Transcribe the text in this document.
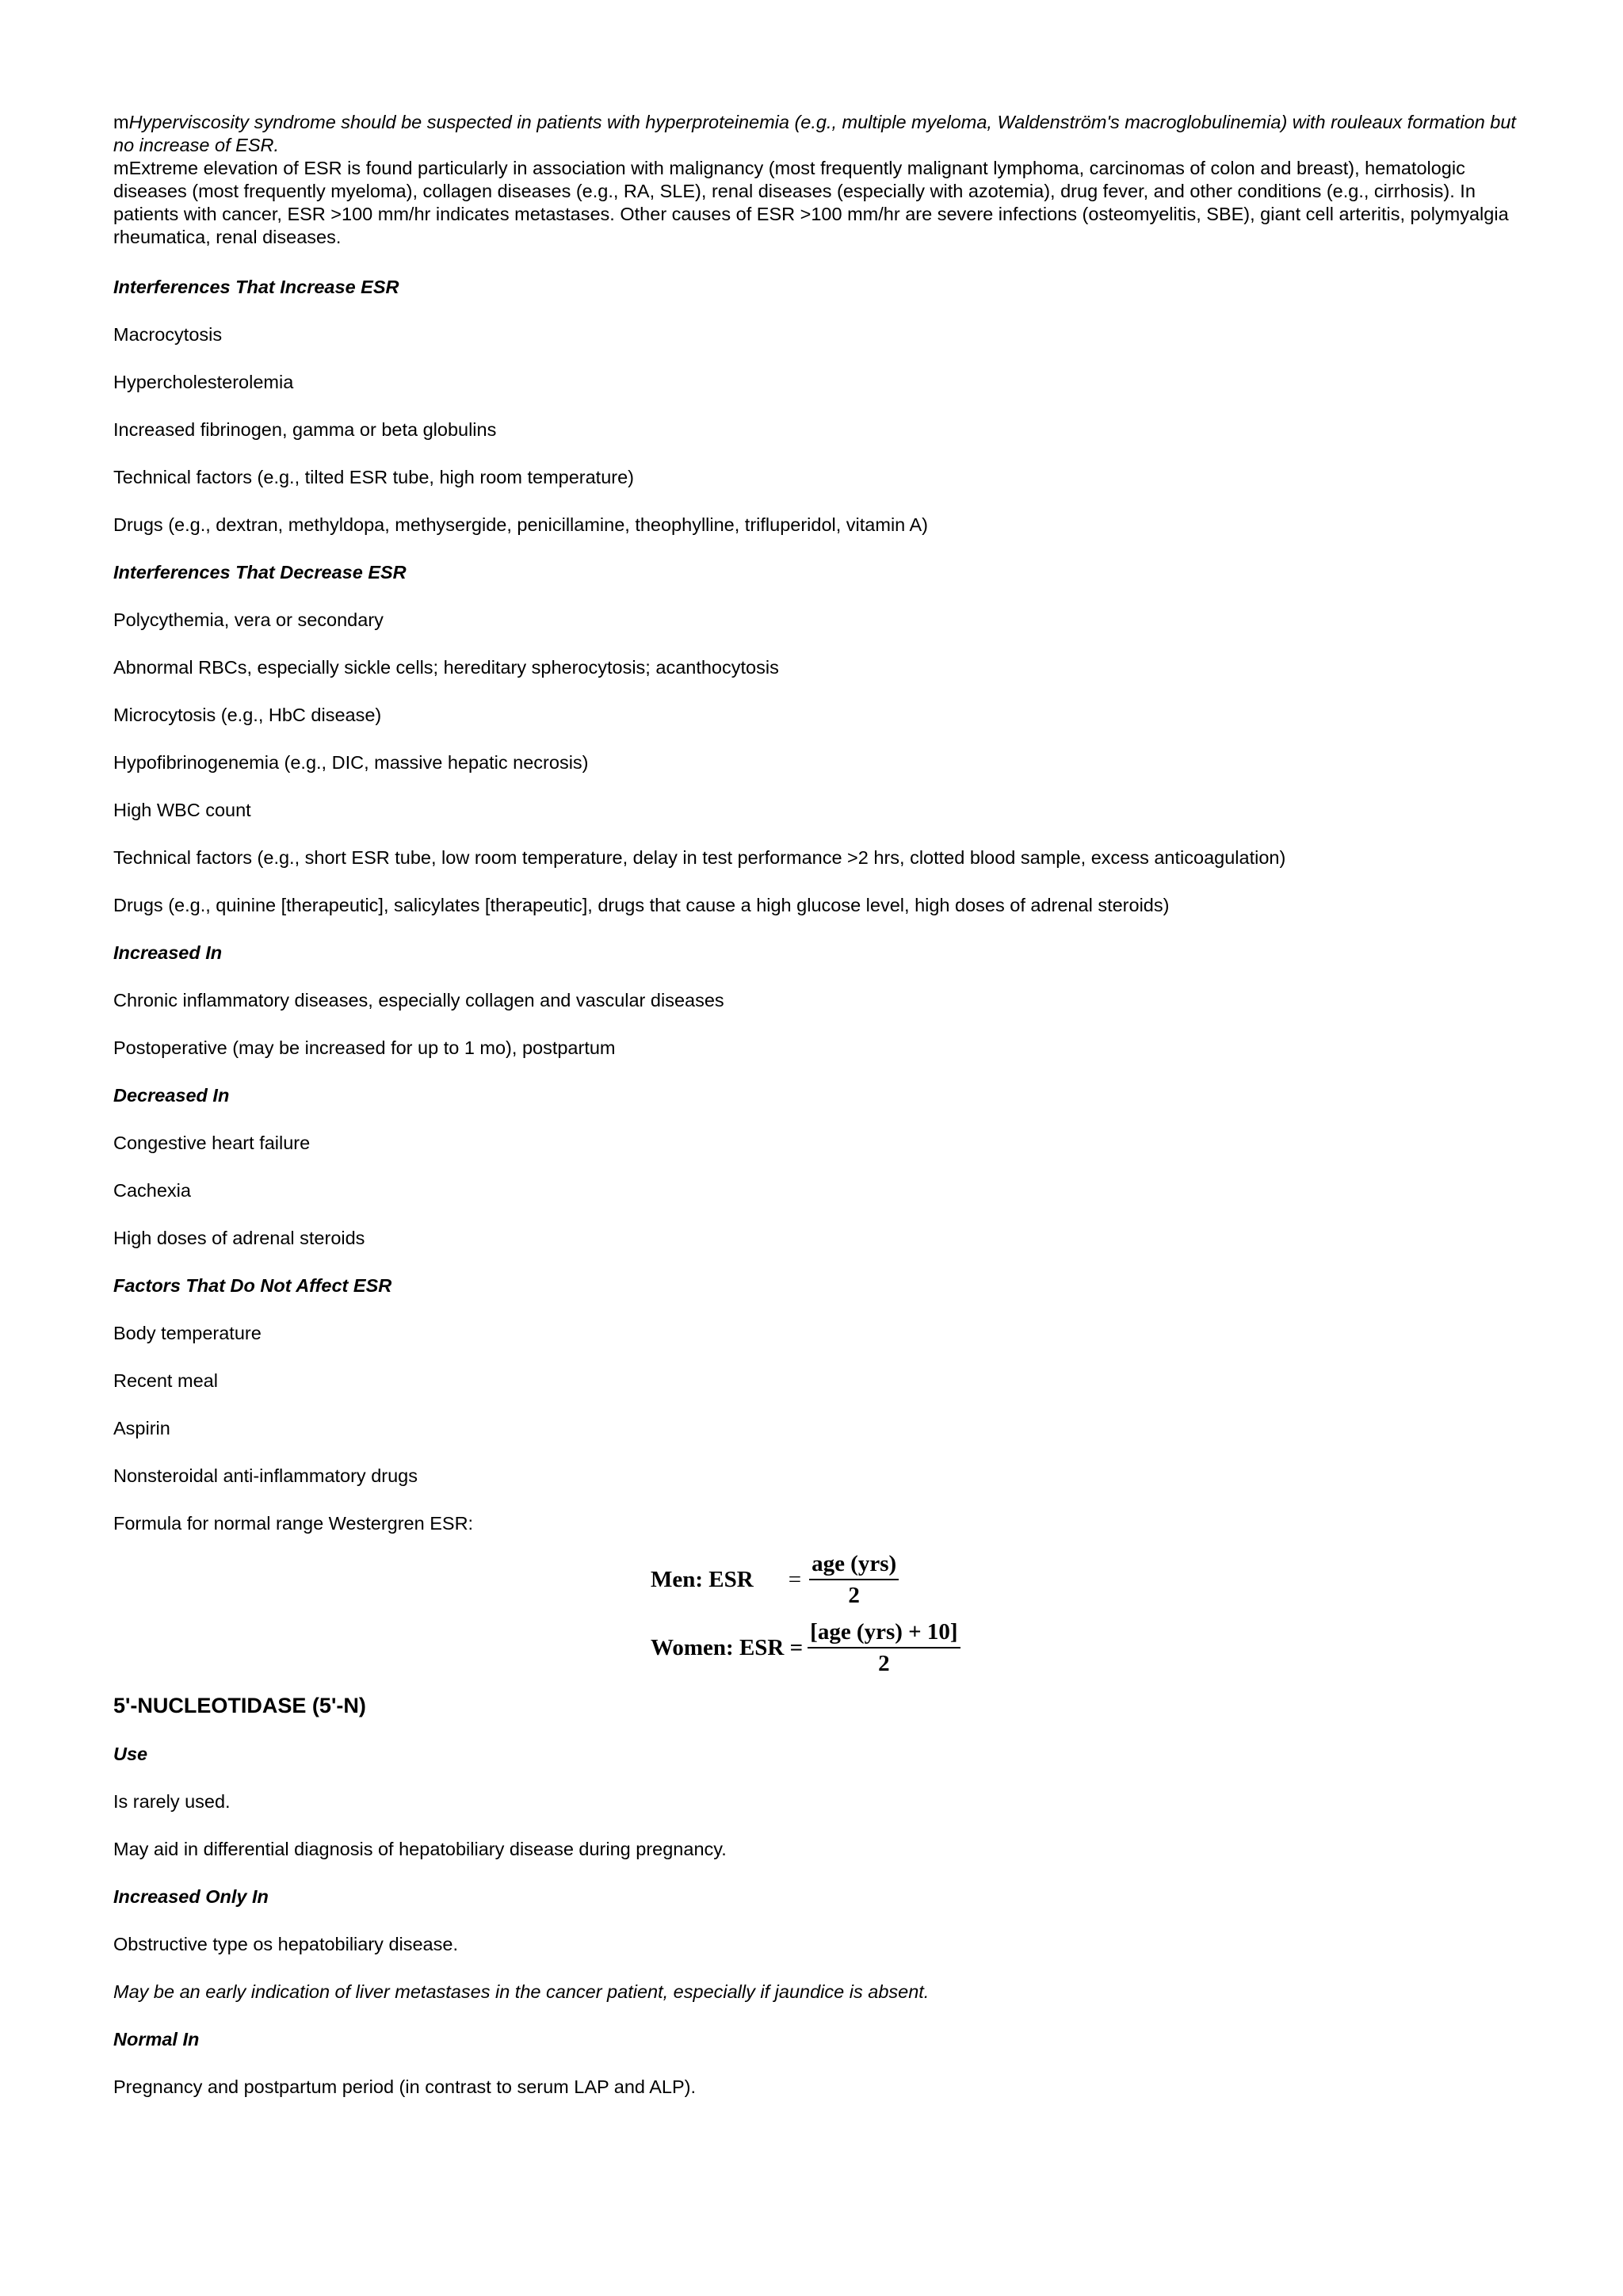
mHyperviscosity syndrome should be suspected in patients with hyperproteinemia (e.g., multiple myeloma, Waldenström's macroglobulinemia) with rouleaux formation but no increase of ESR.

mExtreme elevation of ESR is found particularly in association with malignancy (most frequently malignant lymphoma, carcinomas of colon and breast), hematologic diseases (most frequently myeloma), collagen diseases (e.g., RA, SLE), renal diseases (especially with azotemia), drug fever, and other conditions (e.g., cirrhosis). In patients with cancer, ESR >100 mm/hr indicates metastases. Other causes of ESR >100 mm/hr are severe infections (osteomyelitis, SBE), giant cell arteritis, polymyalgia rheumatica, renal diseases.

Interferences That Increase ESR

Macrocytosis

Hypercholesterolemia

Increased fibrinogen, gamma or beta globulins

Technical factors (e.g., tilted ESR tube, high room temperature)

Drugs (e.g., dextran, methyldopa, methysergide, penicillamine, theophylline, trifluperidol, vitamin A)

Interferences That Decrease ESR

Polycythemia, vera or secondary

Abnormal RBCs, especially sickle cells; hereditary spherocytosis; acanthocytosis

Microcytosis (e.g., HbC disease)

Hypofibrinogenemia (e.g., DIC, massive hepatic necrosis)

High WBC count

Technical factors (e.g., short ESR tube, low room temperature, delay in test performance >2 hrs, clotted blood sample, excess anticoagulation)

Drugs (e.g., quinine [therapeutic], salicylates [therapeutic], drugs that cause a high glucose level, high doses of adrenal steroids)

Increased In

Chronic inflammatory diseases, especially collagen and vascular diseases

Postoperative (may be increased for up to 1 mo), postpartum

Decreased In

Congestive heart failure

Cachexia

High doses of adrenal steroids

Factors That Do Not Affect ESR

Body temperature

Recent meal

Aspirin

Nonsteroidal anti-inflammatory drugs

Formula for normal range Westergren ESR:

Men: ESR = $\frac{\text{age (yrs)}}{2}$
Women: ESR = $\frac{\text{[age (yrs) + 10]}}{2}$

5'-NUCLEOTIDASE (5'-N)

Use

Is rarely used.

May aid in differential diagnosis of hepatobiliary disease during pregnancy.

Increased Only In

Obstructive type os hepatobiliary disease.

May be an early indication of liver metastases in the cancer patient, especially if jaundice is absent.

Normal In

Pregnancy and postpartum period (in contrast to serum LAP and ALP).
